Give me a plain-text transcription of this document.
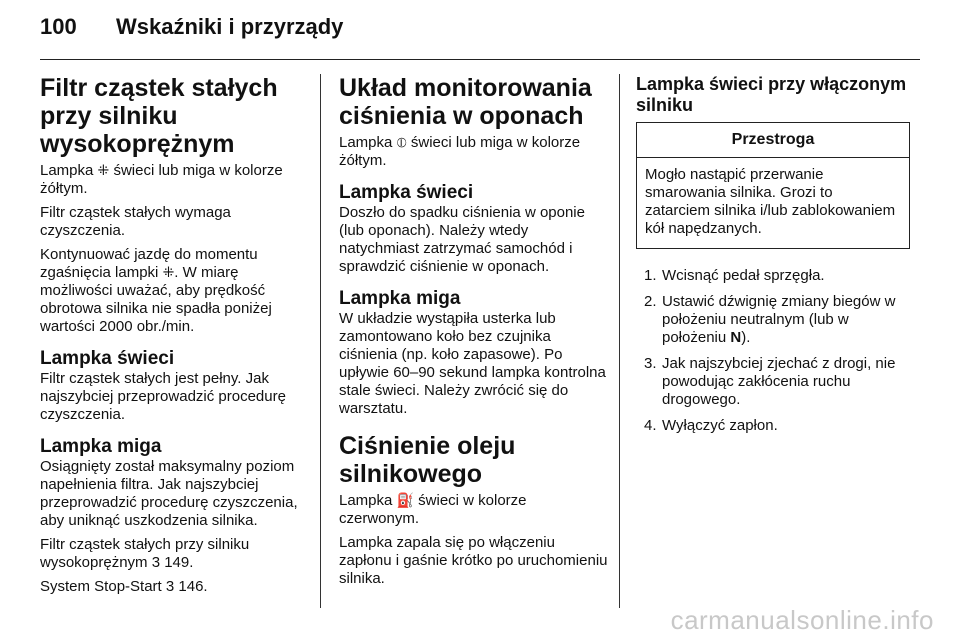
100 Wskaźniki i przyrządy
Filtr cząstek stałych przy silniku wysokoprężnym

Lampka ⁜ świeci lub miga w kolorze żółtym.

Filtr cząstek stałych wymaga czyszczenia.

Kontynuować jazdę do momentu zgaśnięcia lampki ⁜. W miarę możliwości uważać, aby prędkość obrotowa silnika nie spadła poniżej wartości 2000 obr./min.

Lampka świeci

Filtr cząstek stałych jest pełny. Jak najszybciej przeprowadzić procedurę czyszczenia.

Lampka miga

Osiągnięty został maksymalny poziom napełnienia filtra. Jak najszybciej przeprowadzić procedurę czyszczenia, aby uniknąć uszkodzenia silnika.

Filtr cząstek stałych przy silniku wysokoprężnym 3 149.

System Stop-Start 3 146.

Układ monitorowania ciśnienia w oponach

Lampka ⦶ świeci lub miga w kolorze żółtym.

Lampka świeci

Doszło do spadku ciśnienia w oponie (lub oponach). Należy wtedy natychmiast zatrzymać samochód i sprawdzić ciśnienie w oponach.

Lampka miga

W układzie wystąpiła usterka lub zamontowano koło bez czujnika ciśnienia (np. koło zapasowe). Po upływie 60–90 sekund lampka kontrolna stale świeci. Należy zwrócić się do warsztatu.

Ciśnienie oleju silnikowego

Lampka ⛽ świeci w kolorze czerwonym.

Lampka zapala się po włączeniu zapłonu i gaśnie krótko po uruchomieniu silnika.

Lampka świeci przy włączonym silniku
Przestroga
Mogło nastąpić przerwanie smarowania silnika. Grozi to zatarciem silnika i/lub zablokowaniem kół napędzanych.
1. Wcisnąć pedał sprzęgła.
2. Ustawić dźwignię zmiany biegów w położeniu neutralnym (lub w położeniu N).
3. Jak najszybciej zjechać z drogi, nie powodując zakłócenia ruchu drogowego.
4. Wyłączyć zapłon.
carmanualsonline.info
